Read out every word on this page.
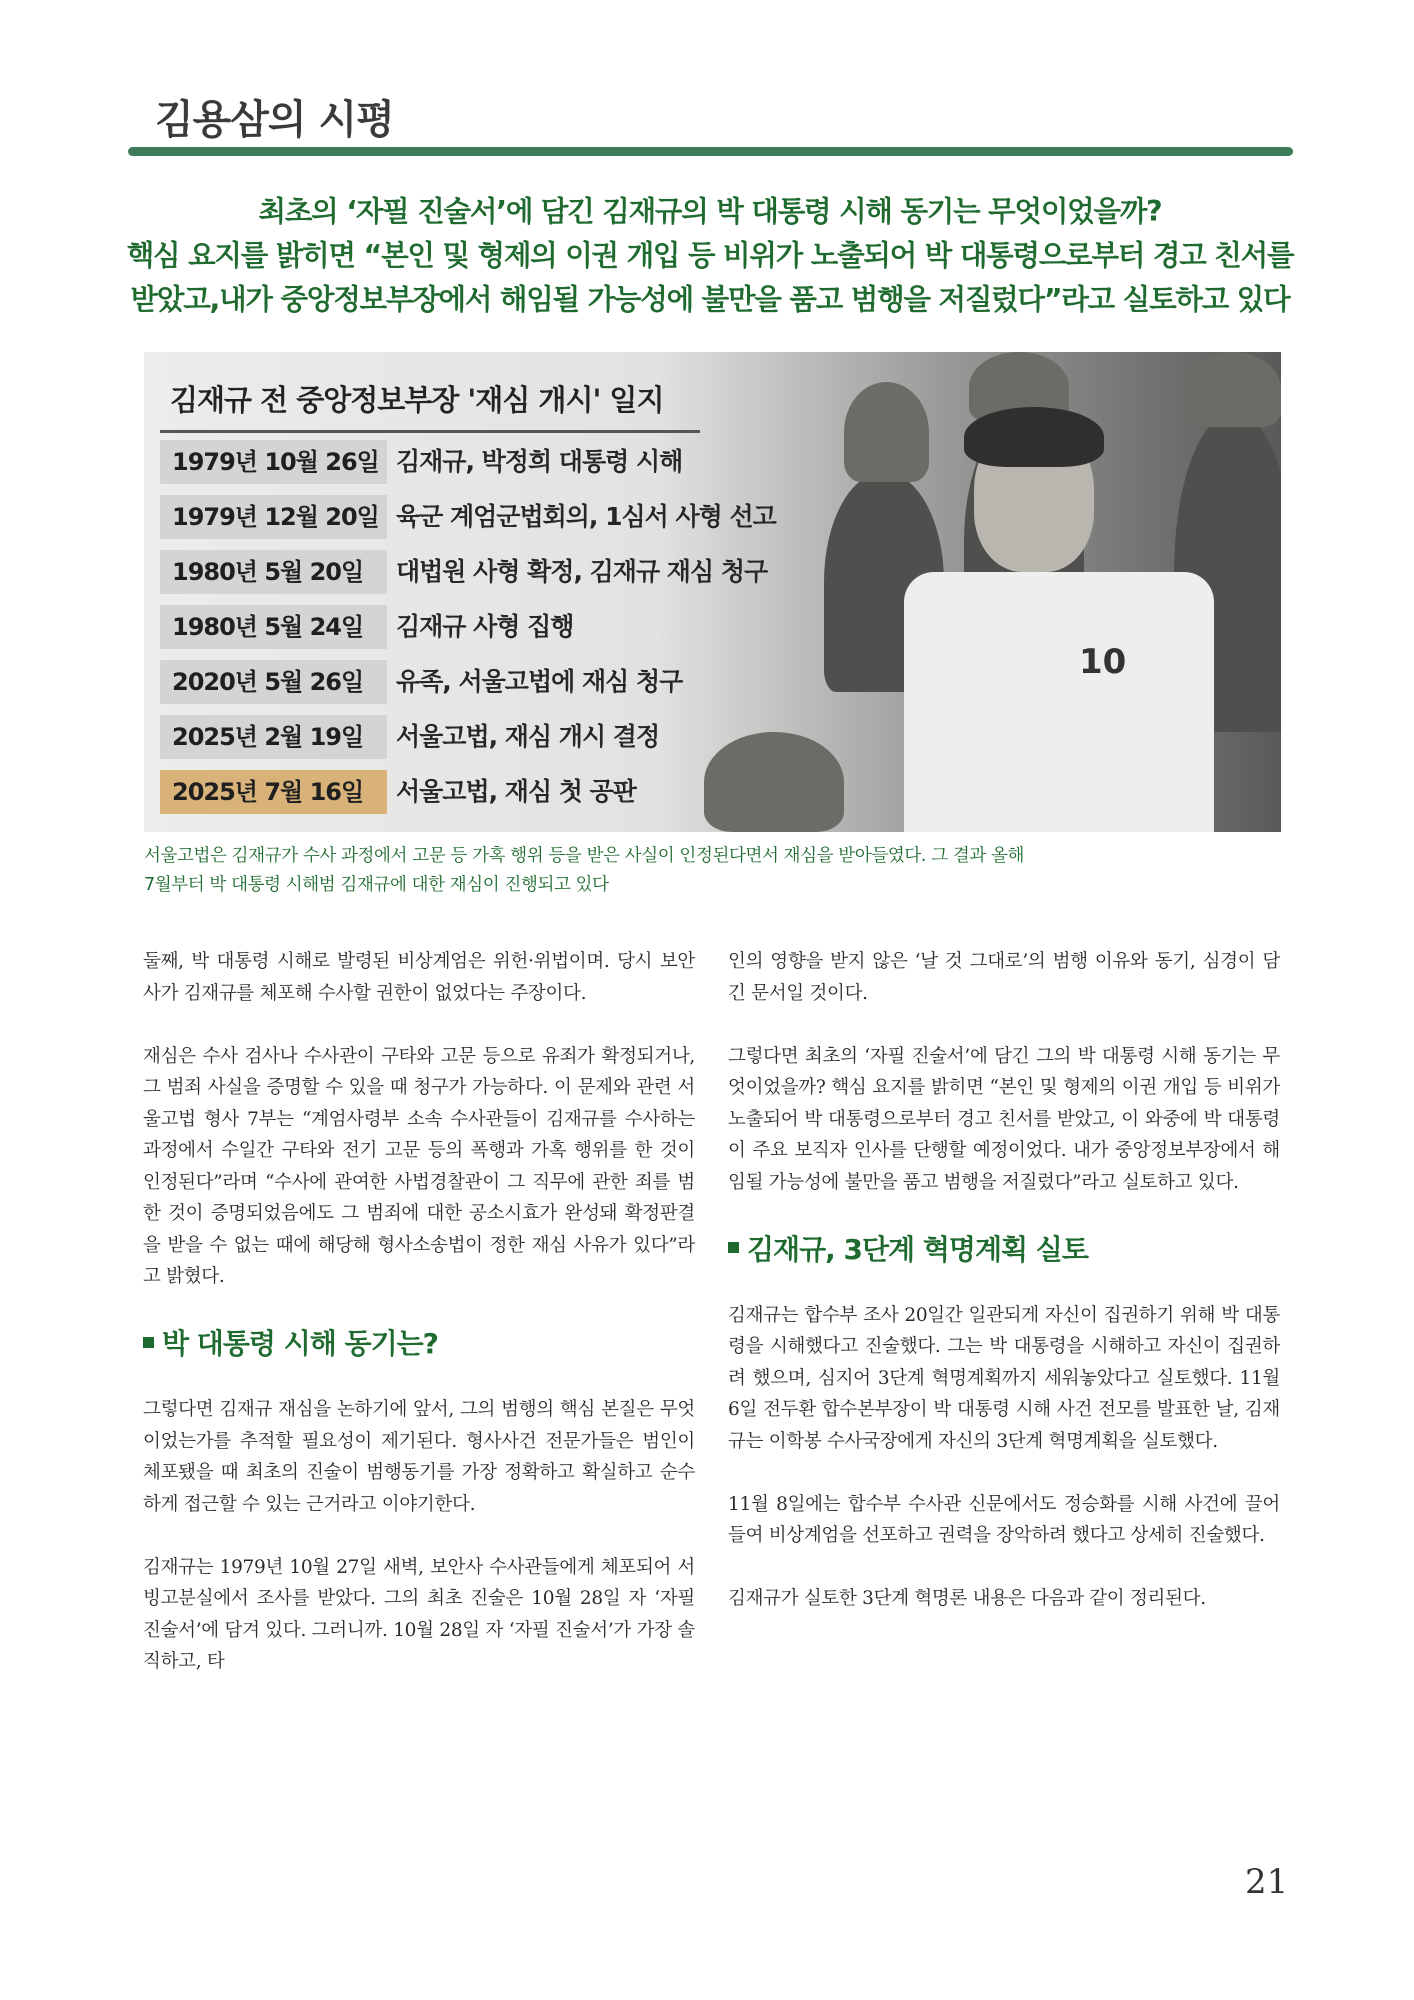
김용삼의 시평
최초의 ‘자필 진술서’에 담긴 김재규의 박 대통령 시해 동기는 무엇이었을까?
핵심 요지를 밝히면 “본인 및 형제의 이권 개입 등 비위가 노출되어 박 대통령으로부터 경고 친서를
받았고,내가 중앙정보부장에서 해임될 가능성에 불만을 품고 범행을 저질렀다”라고 실토하고 있다
10
김재규 전 중앙정보부장 '재심 개시' 일지
1979년 10월 26일 김재규, 박정희 대통령 시해
1979년 12월 20일 육군 계엄군법회의, 1심서 사형 선고
1980년 5월 20일	대법원 사형 확정, 김재규 재심 청구
1980년 5월 24일	김재규 사형 집행
2020년 5월 26일	유족, 서울고법에 재심 청구
2025년 2월 19일	서울고법, 재심 개시 결정
2025년 7월 16일	서울고법, 재심 첫 공판
서울고법은 김재규가 수사 과정에서 고문 등 가혹 행위 등을 받은 사실이 인정된다면서 재심을 받아들였다. 그 결과 올해
7월부터 박 대통령 시해범 김재규에 대한 재심이 진행되고 있다

둘째, 박 대통령 시해로 발령된 비상계엄은 위헌·위법이며. 당시 보안사가 김재규를 체포해 수사할 권한이 없었다는 주장이다.

재심은 수사 검사나 수사관이 구타와 고문 등으로 유죄가 확정되거나, 그 범죄 사실을 증명할 수 있을 때 청구가 가능하다. 이 문제와 관련 서울고법 형사 7부는 “계엄사령부 소속 수사관들이 김재규를 수사하는 과정에서 수일간 구타와 전기 고문 등의 폭행과 가혹 행위를 한 것이 인정된다”라며 “수사에 관여한 사법경찰관이 그 직무에 관한 죄를 범한 것이 증명되었음에도 그 범죄에 대한 공소시효가 완성돼 확정판결을 받을 수 없는 때에 해당해 형사소송법이 정한 재심 사유가 있다”라고 밝혔다.

박 대통령 시해 동기는?

그렇다면 김재규 재심을 논하기에 앞서, 그의 범행의 핵심 본질은 무엇이었는가를 추적할 필요성이 제기된다. 형사사건 전문가들은 범인이 체포됐을 때 최초의 진술이 범행동기를 가장 정확하고 확실하고 순수하게 접근할 수 있는 근거라고 이야기한다.

김재규는 1979년 10월 27일 새벽, 보안사 수사관들에게 체포되어 서빙고분실에서 조사를 받았다. 그의 최초 진술은 10월 28일 자 ‘자필 진술서’에 담겨 있다. 그러니까. 10월 28일 자 ‘자필 진술서’가 가장 솔직하고, 타

인의 영향을 받지 않은 ‘날 것 그대로’의 범행 이유와 동기, 심경이 담긴 문서일 것이다.

그렇다면 최초의 ‘자필 진술서’에 담긴 그의 박 대통령 시해 동기는 무엇이었을까? 핵심 요지를 밝히면 “본인 및 형제의 이권 개입 등 비위가 노출되어 박 대통령으로부터 경고 친서를 받았고, 이 와중에 박 대통령이 주요 보직자 인사를 단행할 예정이었다. 내가 중앙정보부장에서 해임될 가능성에 불만을 품고 범행을 저질렀다”라고 실토하고 있다.

김재규, 3단계 혁명계획 실토

김재규는 합수부 조사 20일간 일관되게 자신이 집권하기 위해 박 대통령을 시해했다고 진술했다. 그는 박 대통령을 시해하고 자신이 집권하려 했으며, 심지어 3단계 혁명계획까지 세워놓았다고 실토했다. 11월 6일 전두환 합수본부장이 박 대통령 시해 사건 전모를 발표한 날, 김재규는 이학봉 수사국장에게 자신의 3단계 혁명계획을 실토했다.

11월 8일에는 합수부 수사관 신문에서도 정승화를 시해 사건에 끌어들여 비상계엄을 선포하고 권력을 장악하려 했다고 상세히 진술했다.

김재규가 실토한 3단계 혁명론 내용은 다음과 같이 정리된다.

21
